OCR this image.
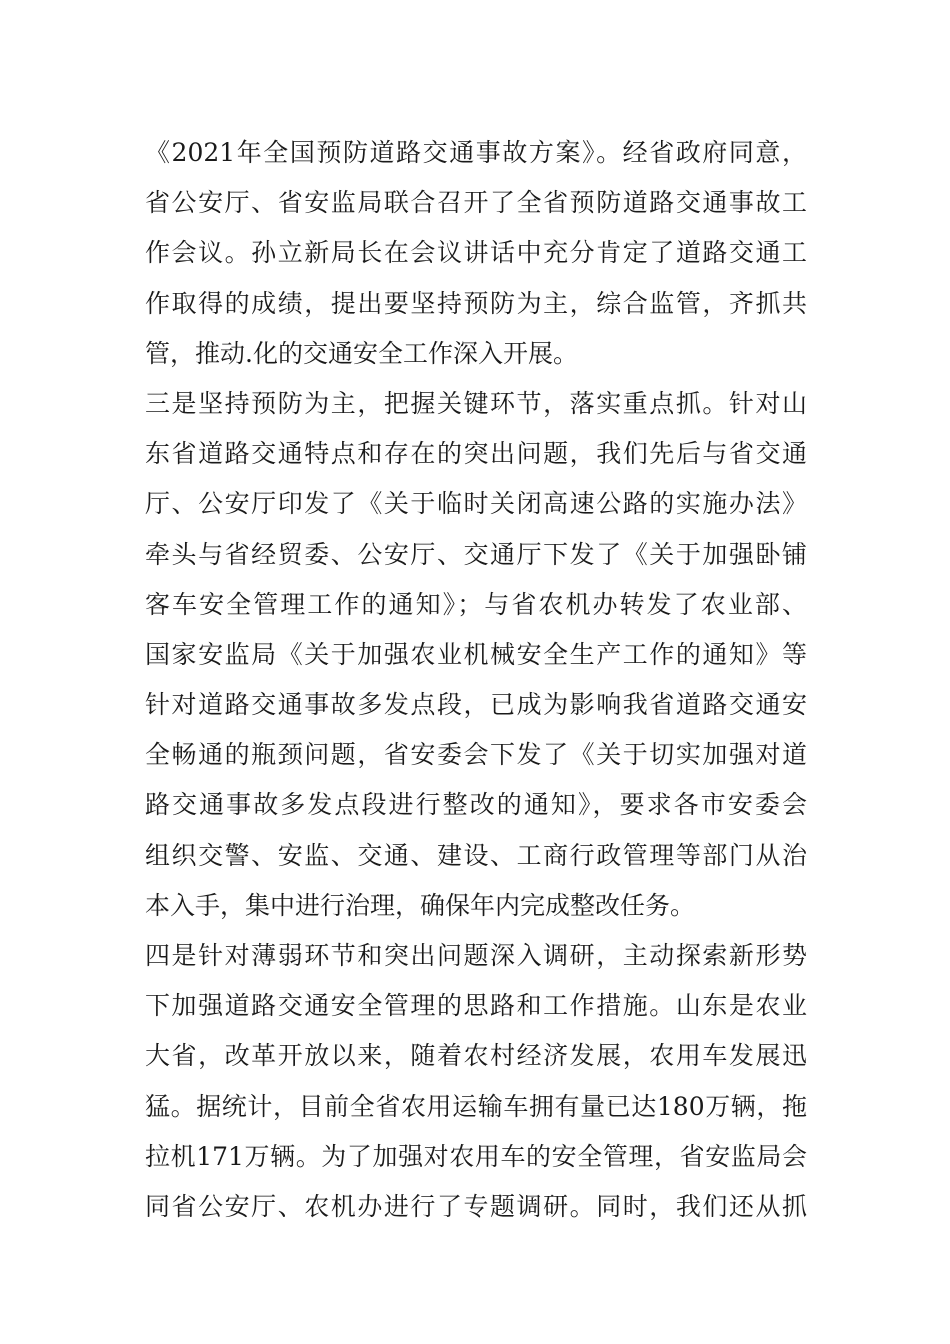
《2021年全国预防道路交通事故方案》。经省政府同意，
省公安厅、省安监局联合召开了全省预防道路交通事故工
作会议。孙立新局长在会议讲话中充分肯定了道路交通工
作取得的成绩，提出要坚持预防为主，综合监管，齐抓共
管，推动.化的交通安全工作深入开展。
三是坚持预防为主，把握关键环节，落实重点抓。针对山
东省道路交通特点和存在的突出问题，我们先后与省交通
厅、公安厅印发了《关于临时关闭高速公路的实施办法》
牵头与省经贸委、公安厅、交通厅下发了《关于加强卧铺
客车安全管理工作的通知》；与省农机办转发了农业部、
国家安监局《关于加强农业机械安全生产工作的通知》等
针对道路交通事故多发点段，已成为影响我省道路交通安
全畅通的瓶颈问题，省安委会下发了《关于切实加强对道
路交通事故多发点段进行整改的通知》，要求各市安委会
组织交警、安监、交通、建设、工商行政管理等部门从治
本入手，集中进行治理，确保年内完成整改任务。
四是针对薄弱环节和突出问题深入调研，主动探索新形势
下加强道路交通安全管理的思路和工作措施。山东是农业
大省，改革开放以来，随着农村经济发展，农用车发展迅
猛。据统计，目前全省农用运输车拥有量已达180万辆，拖
拉机171万辆。为了加强对农用车的安全管理，省安监局会
同省公安厅、农机办进行了专题调研。同时，我们还从抓
